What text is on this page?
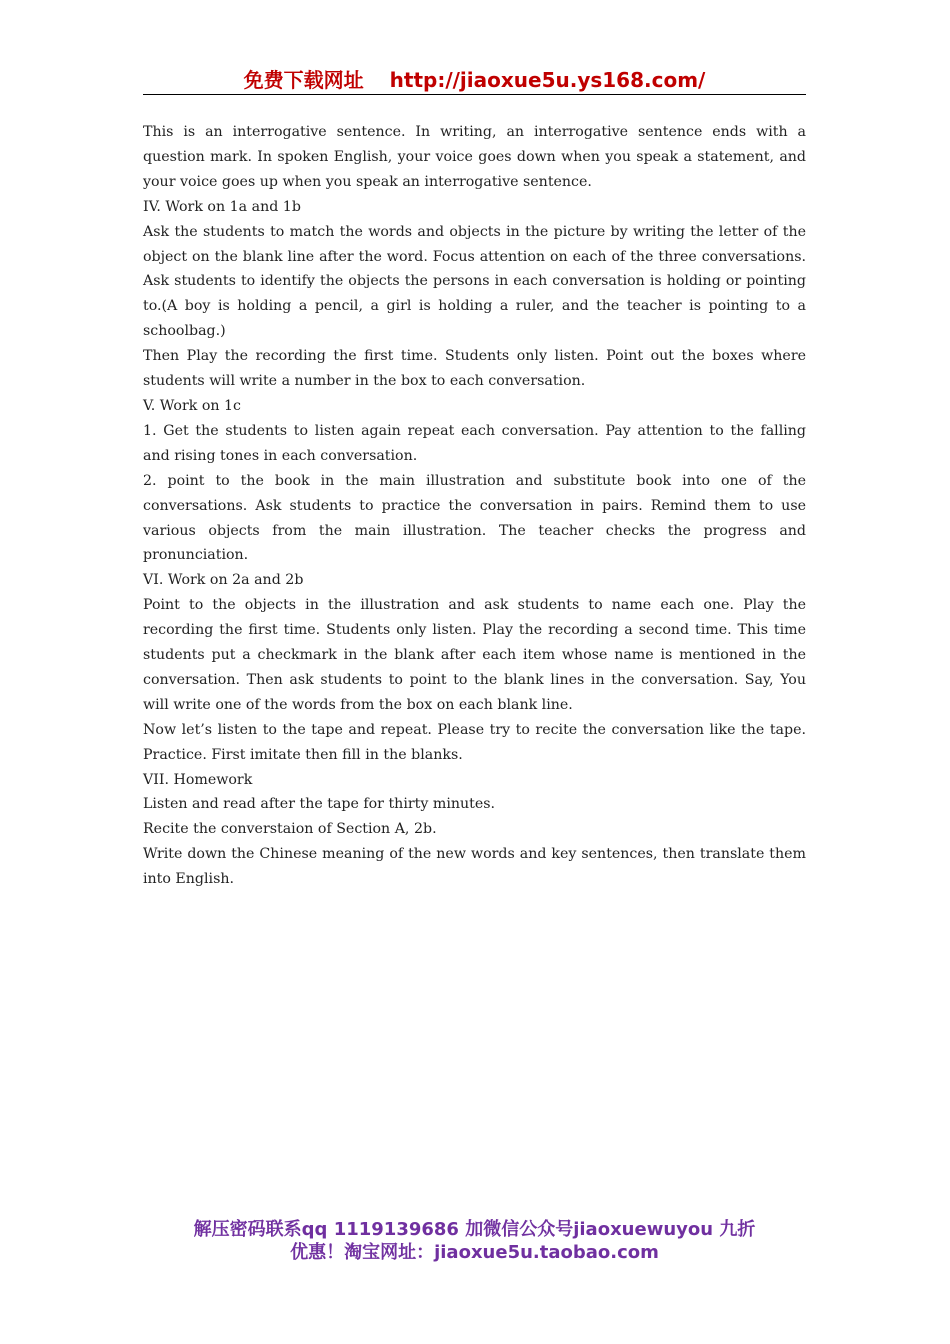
免费下载网址 http://jiaoxue5u.ys168.com/

This is an interrogative sentence. In writing, an interrogative sentence ends with a question mark. In spoken English, your voice goes down when you speak a statement, and your voice goes up when you speak an interrogative sentence.

IV. Work on 1a and 1b

Ask the students to match the words and objects in the picture by writing the letter of the object on the blank line after the word. Focus attention on each of the three conversations. Ask students to identify the objects the persons in each conversation is holding or pointing to.(A boy is holding a pencil, a girl is holding a ruler, and the teacher is pointing to a schoolbag.)

Then Play the recording the first time. Students only listen. Point out the boxes where students will write a number in the box to each conversation.

V. Work on 1c

1. Get the students to listen again repeat each conversation. Pay attention to the falling and rising tones in each conversation.

2. point to the book in the main illustration and substitute book into one of the conversations. Ask students to practice the conversation in pairs. Remind them to use various objects from the main illustration. The teacher checks the progress and pronunciation.

VI. Work on 2a and 2b

Point to the objects in the illustration and ask students to name each one. Play the recording the first time. Students only listen. Play the recording a second time. This time students put a checkmark in the blank after each item whose name is mentioned in the conversation. Then ask students to point to the blank lines in the conversation. Say, You will write one of the words from the box on each blank line.

Now let’s listen to the tape and repeat. Please try to recite the conversation like the tape. Practice. First imitate then fill in the blanks.

VII. Homework

Listen and read after the tape for thirty minutes.

Recite the converstaion of Section A, 2b.

Write down the Chinese meaning of the new words and key sentences, then translate them into English.

解压密码联系qq 1119139686 加微信公众号jiaoxuewuyou 九折
优惠！淘宝网址：jiaoxue5u.taobao.com
